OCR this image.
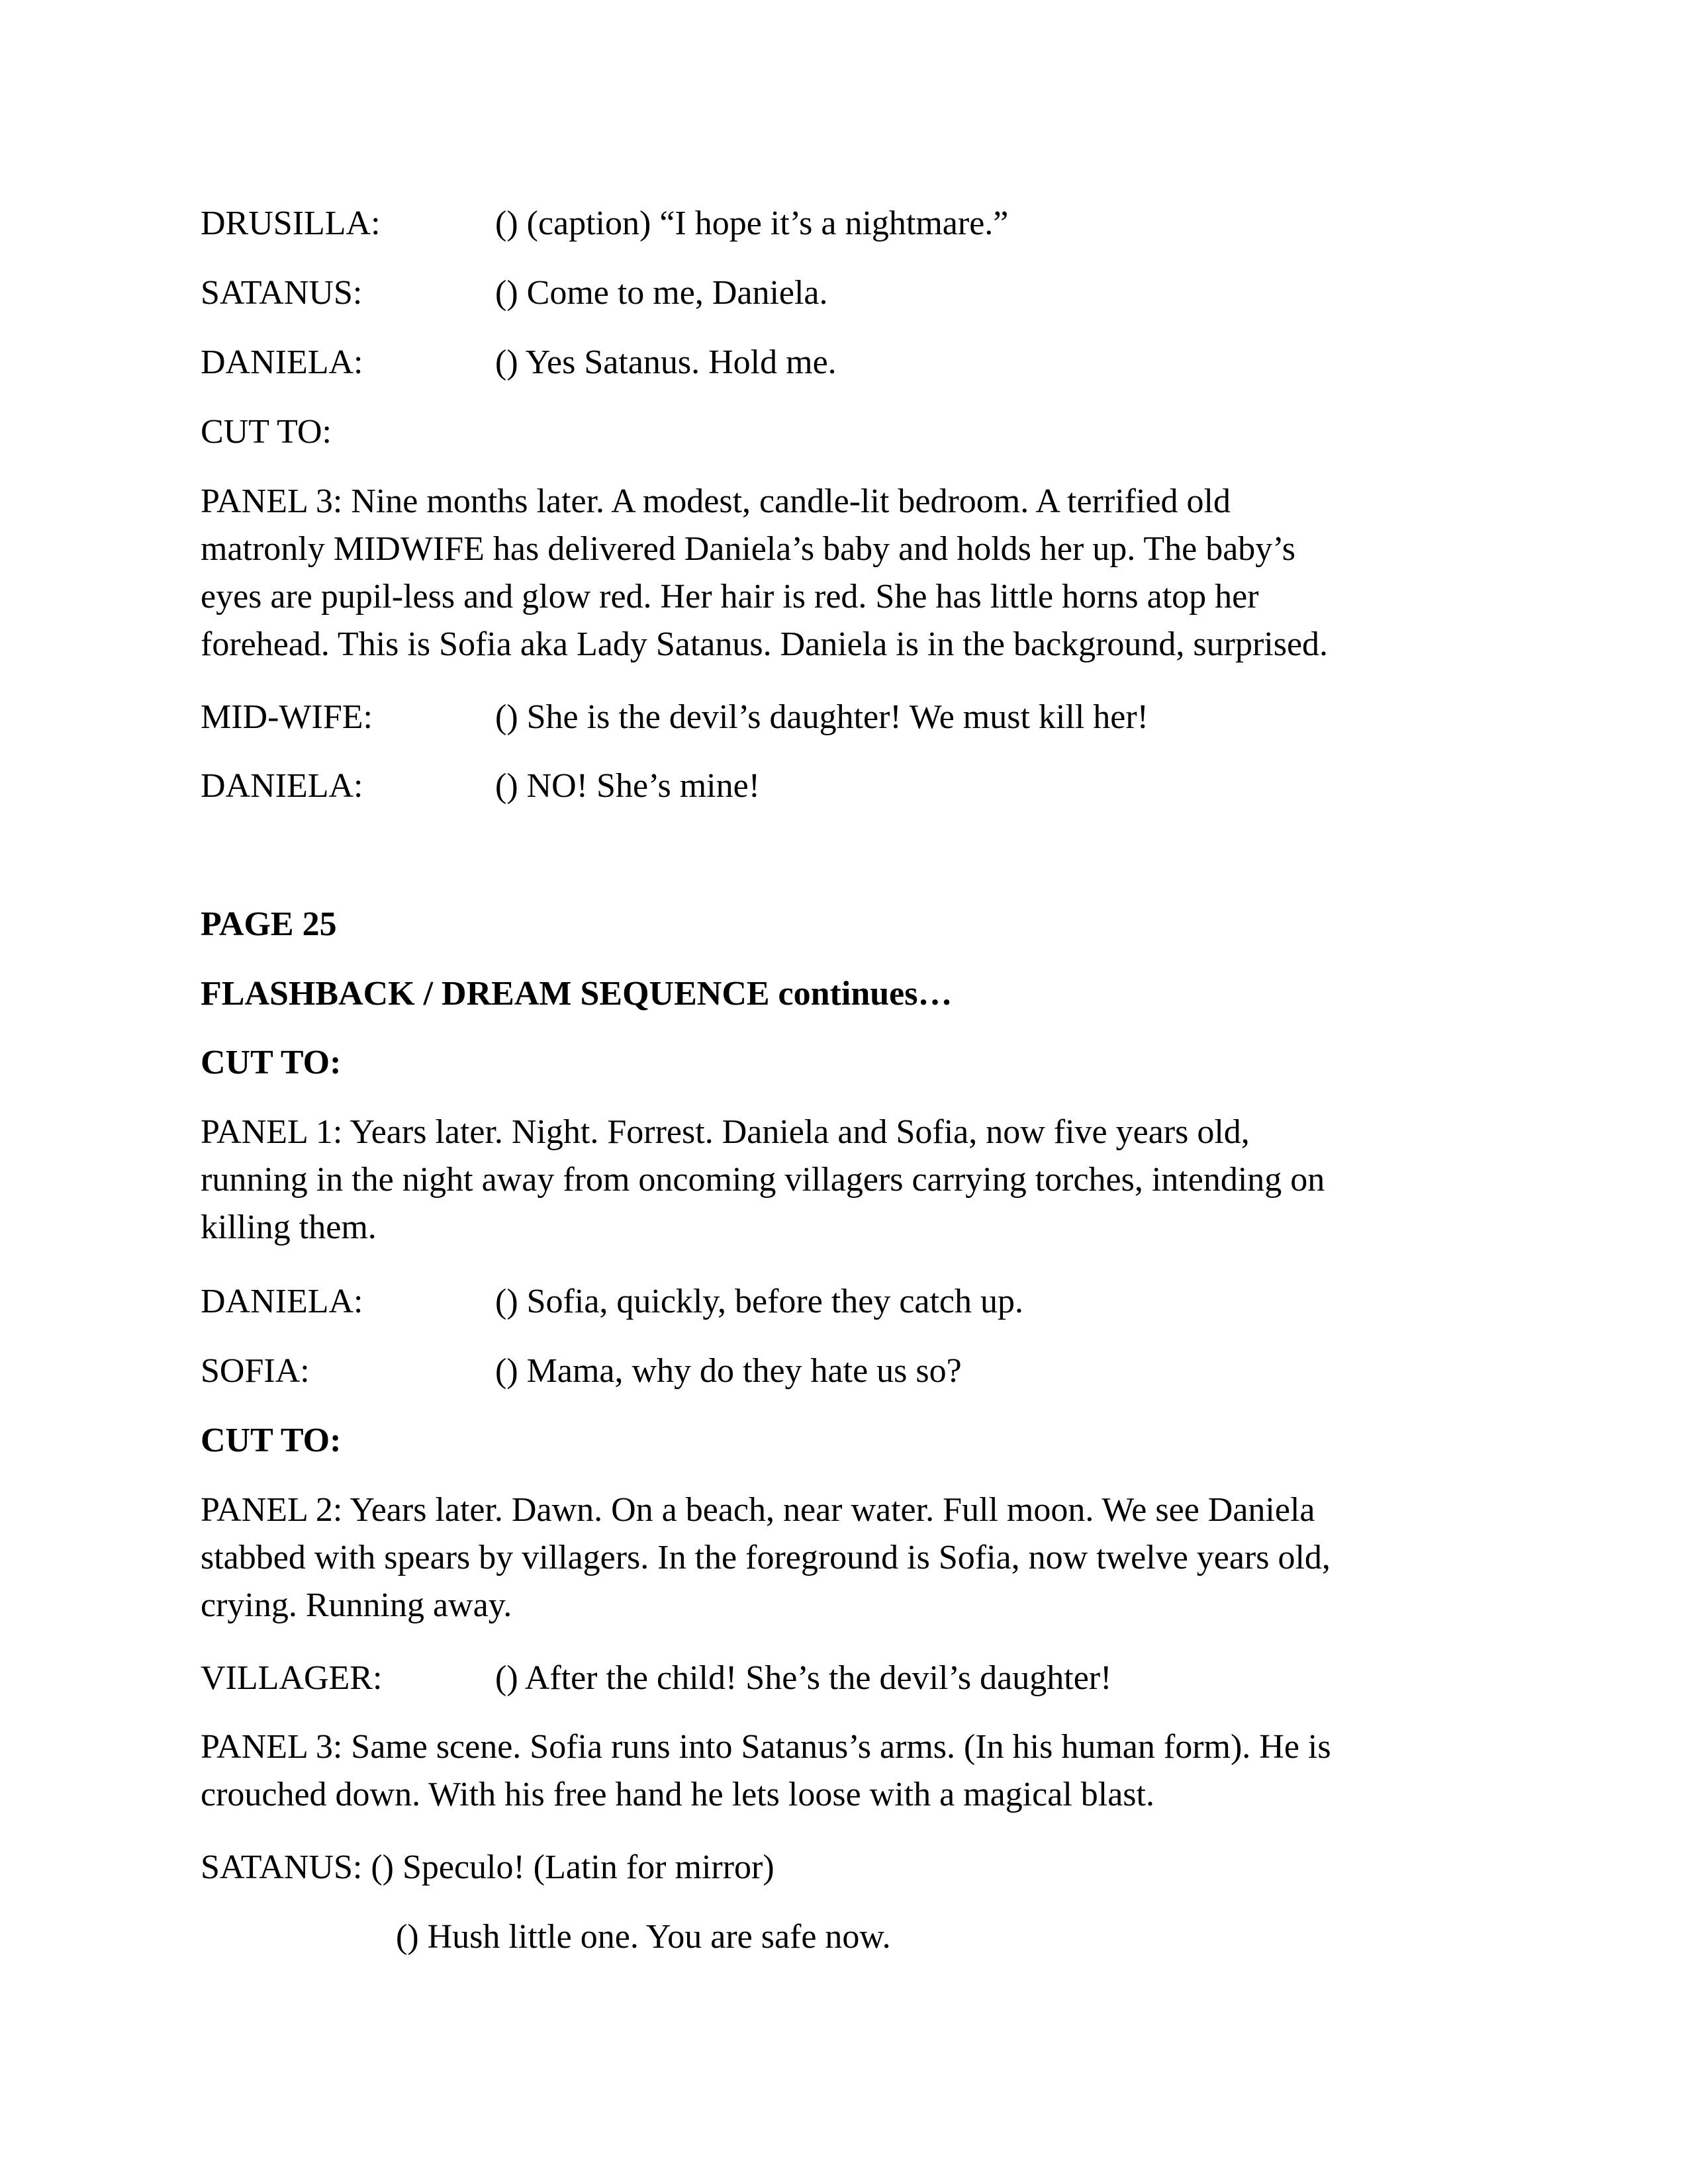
DRUSILLA:	() (caption) “I hope it’s a nightmare.”
SATANUS:	() Come to me, Daniela.
DANIELA:	() Yes Satanus. Hold me.
CUT TO:
PANEL 3: Nine months later. A modest, candle-lit bedroom. A terrified old
matronly MIDWIFE has delivered Daniela’s baby and holds her up. The baby’s
eyes are pupil-less and glow red. Her hair is red. She has little horns atop her
forehead. This is Sofia aka Lady Satanus. Daniela is in the background, surprised.
MID-WIFE:	() She is the devil’s daughter! We must kill her!
DANIELA:	() NO! She’s mine!
PAGE 25
FLASHBACK / DREAM SEQUENCE continues…
CUT TO:
PANEL 1: Years later. Night. Forrest. Daniela and Sofia, now five years old,
running in the night away from oncoming villagers carrying torches, intending on
killing them.
DANIELA:	() Sofia, quickly, before they catch up.
SOFIA:	() Mama, why do they hate us so?
CUT TO:
PANEL 2: Years later. Dawn. On a beach, near water. Full moon. We see Daniela
stabbed with spears by villagers. In the foreground is Sofia, now twelve years old,
crying. Running away.
VILLAGER:	() After the child! She’s the devil’s daughter!
PANEL 3: Same scene. Sofia runs into Satanus’s arms. (In his human form). He is
crouched down. With his free hand he lets loose with a magical blast.
SATANUS: () Speculo! (Latin for mirror)
() Hush little one. You are safe now.
